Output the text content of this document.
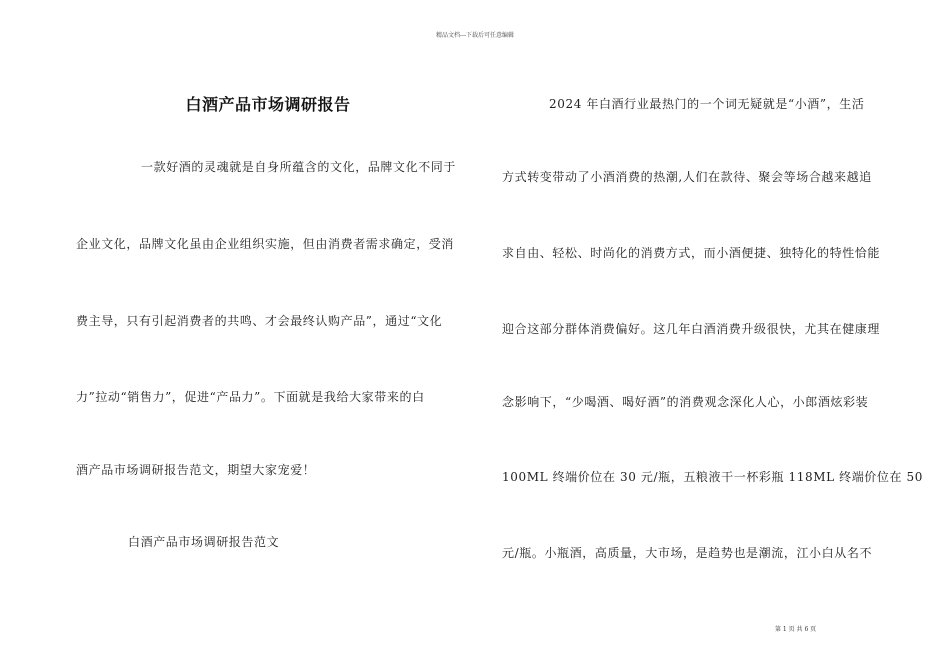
精品文档---下载后可任意编辑
白酒产品市场调研报告
一款好酒的灵魂就是自身所蕴含的文化，品牌文化不同于
企业文化，品牌文化虽由企业组织实施，但由消费者需求确定，受消
费主导，只有引起消费者的共鸣、才会最终认购产品”，通过“文化
力”拉动“销售力”，促进“产品力”。下面就是我给大家带来的白
酒产品市场调研报告范文，期望大家宠爱！
白酒产品市场调研报告范文
2024 年白酒行业最热门的一个词无疑就是“小酒”，生活
方式转变带动了小酒消费的热潮,人们在款待、聚会等场合越来越追
求自由、轻松、时尚化的消费方式，而小酒便捷、独特化的特性恰能
迎合这部分群体消费偏好。这几年白酒消费升级很快，尤其在健康理
念影响下，“少喝酒、喝好酒”的消费观念深化人心，小郎酒炫彩装
100ML 终端价位在 30 元/瓶，五粮液干一杯彩瓶 118ML 终端价位在 50
元/瓶。小瓶酒，高质量，大市场，是趋势也是潮流，江小白从名不
第 1 页 共 6 页
